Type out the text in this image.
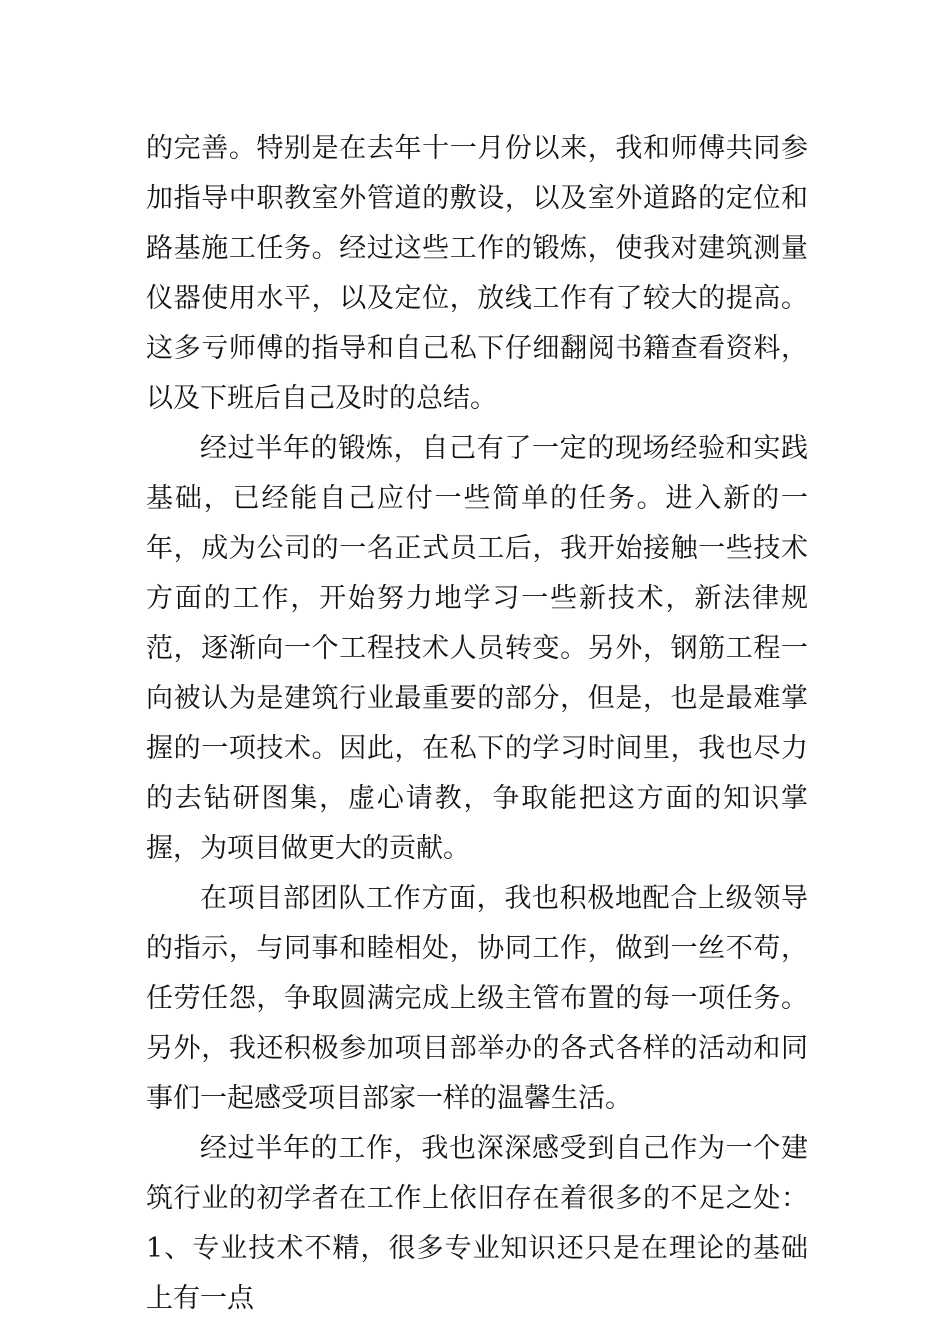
的完善。特别是在去年十一月份以来，我和师傅共同参加指导中职教室外管道的敷设，以及室外道路的定位和路基施工任务。经过这些工作的锻炼，使我对建筑测量仪器使用水平，以及定位，放线工作有了较大的提高。这多亏师傅的指导和自己私下仔细翻阅书籍查看资料，以及下班后自己及时的总结。

经过半年的锻炼，自己有了一定的现场经验和实践基础，已经能自己应付一些简单的任务。进入新的一年，成为公司的一名正式员工后，我开始接触一些技术方面的工作，开始努力地学习一些新技术，新法律规范，逐渐向一个工程技术人员转变。另外，钢筋工程一向被认为是建筑行业最重要的部分，但是，也是最难掌握的一项技术。因此，在私下的学习时间里，我也尽力的去钻研图集，虚心请教，争取能把这方面的知识掌握，为项目做更大的贡献。

在项目部团队工作方面，我也积极地配合上级领导的指示，与同事和睦相处，协同工作，做到一丝不苟，任劳任怨，争取圆满完成上级主管布置的每一项任务。另外，我还积极参加项目部举办的各式各样的活动和同事们一起感受项目部家一样的温馨生活。

经过半年的工作，我也深深感受到自己作为一个建筑行业的初学者在工作上依旧存在着很多的不足之处：1、专业技术不精，很多专业知识还只是在理论的基础上有一点
